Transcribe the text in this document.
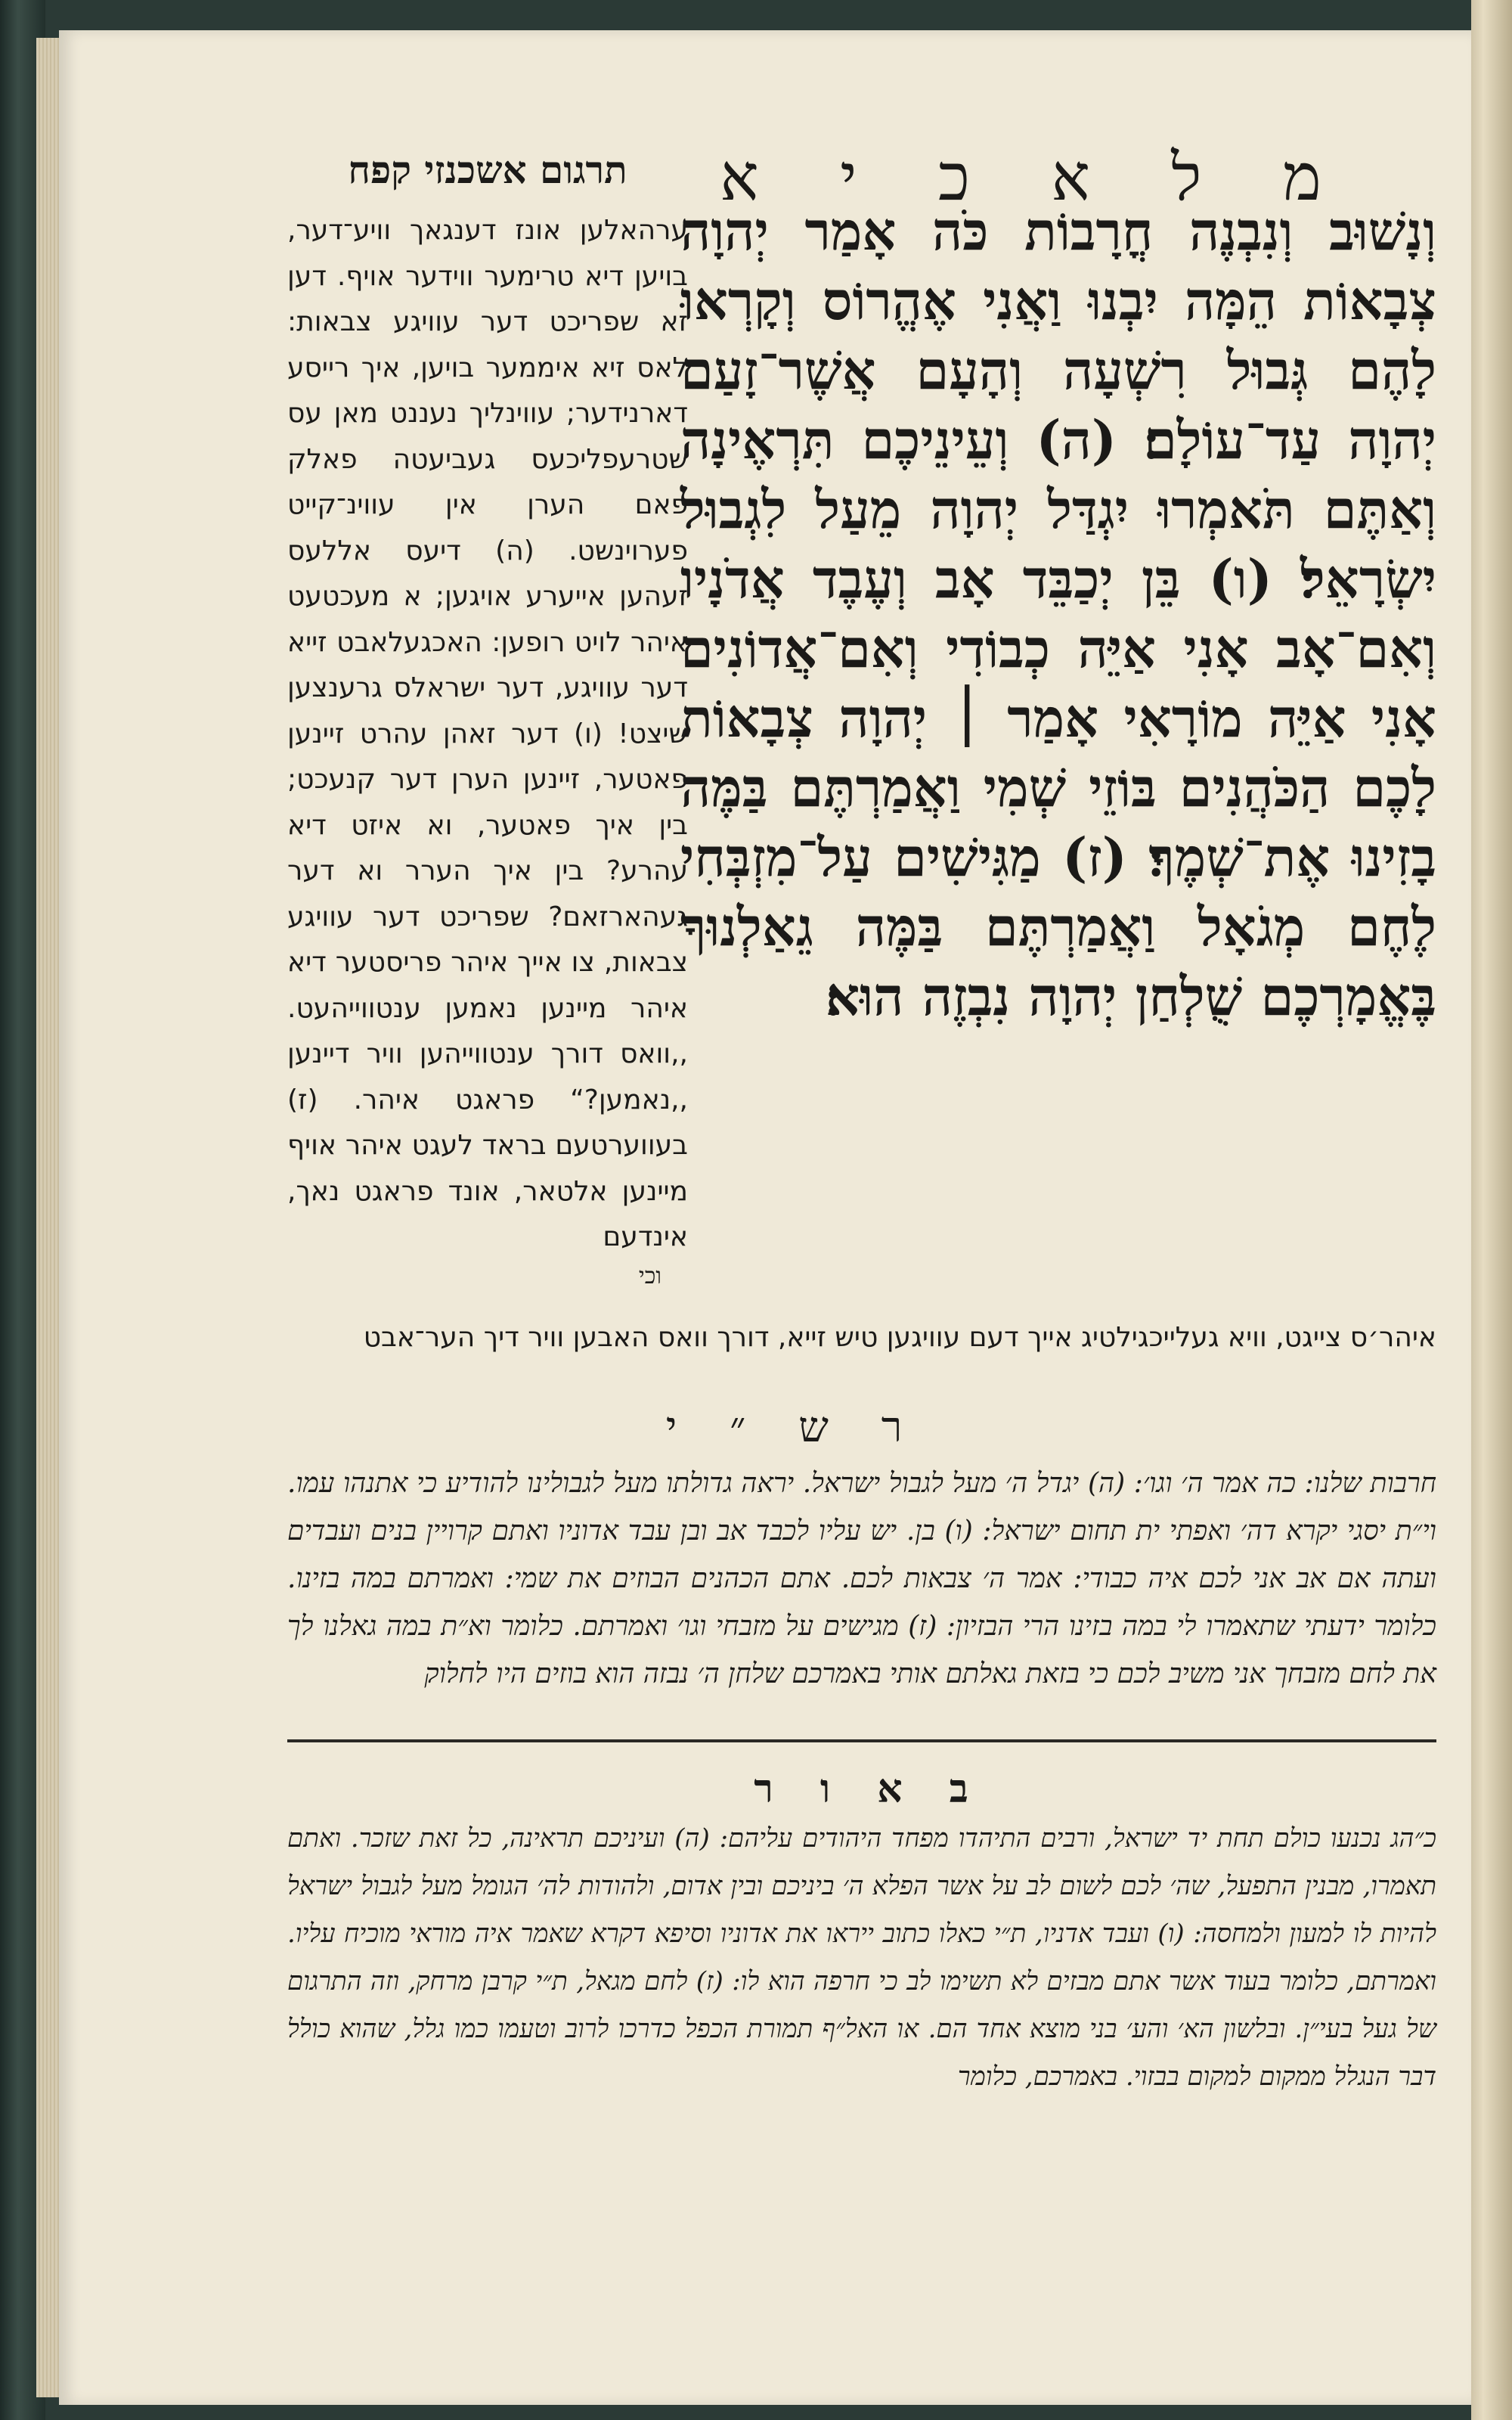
מ ל א כ י א
וְנָשׁוּב וְנִבְנֶה חֳרָבוֹת כֹּה אָמַר יְהוָה צְבָאוֹת הֵמָּה יִבְנוּ וַאֲנִי אֶהֱרוֹס וְקָרְאוּ לָהֶם גְּבוּל רִשְׁעָה וְהָעָם אֲשֶׁר־זָעַם יְהוָה עַד־עוֹלָם׃ (ה) וְעֵינֵיכֶם תִּרְאֶינָה וְאַתֶּם תֹּאמְרוּ יִגְדַּל יְהוָה מֵעַל לִגְבוּל יִשְׂרָאֵל׃ (ו) בֵּן יְכַבֵּד אָב וְעֶבֶד אֲדֹנָיו וְאִם־אָב אָנִי אַיֵּה כְבוֹדִי וְאִם־אֲדוֹנִים אָנִי אַיֵּה מוֹרָאִי אָמַר ׀ יְהוָה צְבָאוֹת לָכֶם הַכֹּהֲנִים בּוֹזֵי שְׁמִי וַאֲמַרְתֶּם בַּמֶּה בָזִינוּ אֶת־שְׁמֶךָ׃ (ז) מַגִּישִׁים עַל־מִזְבְּחִי לֶחֶם מְגֹאָל וַאֲמַרְתֶּם בַּמֶּה גֵאַלְנוּךָ בֶּאֱמָרְכֶם שֻׁלְחַן יְהוָה נִבְזֶה הוּא׃
תרגום אשכנזי קפח
ערהאלען אונז דענגאך וויע־דער, בויען דיא טרימער ווידער אויף. דען זא שפריכט דער עוויגע צבאות: לאס זיא איממער בויען, איך רייסע דארנידער; עווינליך נעננט מאן עס שטרעפליכעס געביעטה פאלק פאם הערן אין עווינ־קייט פערוינשט. (ה) דיעס אללעס זעהען אייערע אויגען; א מעכטעט איהר לויט רופען: האכגעלאבט זייא דער עוויגע, דער ישראלס גרענצען שיצט! (ו) דער זאהן עהרט זיינען פאטער, זיינען הערן דער קנעכט; בין איך פאטער, וא איזט דיא עהרע? בין איך הערר וא דער געהארזאם? שפריכט דער עוויגע צבאות, צו אייך איהר פריסטער דיא איהר מיינען נאמען ענטווייהעט. ,,וואס דורך ענטווייהען וויר דיינען ,,נאמען?“ פראגט איהר. (ז) בעווערטעם בראד לעגט איהר אויף מיינען אלטאר, אונד פראגט נאך, אינדעם
וכי
איהר׳ס צייגט, וויא געלייכגילטיג אייך דעם עוויגען טיש זייא, דורך וואס האבען וויר דיך הער־אבט
ר ש ״ י
חרבות שלנו: כה אמר ה׳ וגו׳: (ה) יגדל ה׳ מעל לגבול ישראל. יראה גדולתו מעל לגבולינו להודיע כי אתנהו עמו. וי״ת יסגי יקרא דה׳ ואפתי ית תחום ישראל: (ו) בן. יש עליו לכבד אב ובן עבד אדוניו ואתם קרויין בנים ועבדים ועתה אם אב אני לכם איה כבודי: אמר ה׳ צבאות לכם. אתם הכהנים הבוזים את שמי: ואמרתם במה בזינו. כלומר ידעתי שתאמרו לי במה בזינו הרי הבזיון: (ז) מגישים על מזבחי וגו׳ ואמרתם. כלומר וא״ת במה גאלנו לך את לחם מזבחך אני משיב לכם כי בזאת גאלתם אותי באמרכם שלחן ה׳ נבזה הוא בוזים היו לחלוק
ב א ו ר
כ״הג נכנעו כולם תחת יד ישראל, ורבים התיהדו מפחד היהודים עליהם: (ה) ועיניכם תראינה, כל זאת שזכר. ואתם תאמרו, מבנין התפעל, שה׳ לכם לשום לב על אשר הפלא ה׳ ביניכם ובין אדום, ולהודות לה׳ הגומל מעל לגבול ישראל להיות לו למעון ולמחסה: (ו) ועבד אדניו, ת״י כאלו כתוב ייראו את אדוניו וסיפא דקרא שאמר איה מוראי מוכיח עליו. ואמרתם, כלומר בעוד אשר אתם מבזים לא תשימו לב כי חרפה הוא לו: (ז) לחם מגאל, ת״י קרבן מרחק, וזה התרגום של געל בעי״ן. ובלשון הא׳ והע׳ בני מוצא אחד הם. או האל״ף תמורת הכפל כדרכו לרוב וטעמו כמו גלל, שהוא כולל דבר הנגלל ממקום למקום בבזוי. באמרכם, כלומר
